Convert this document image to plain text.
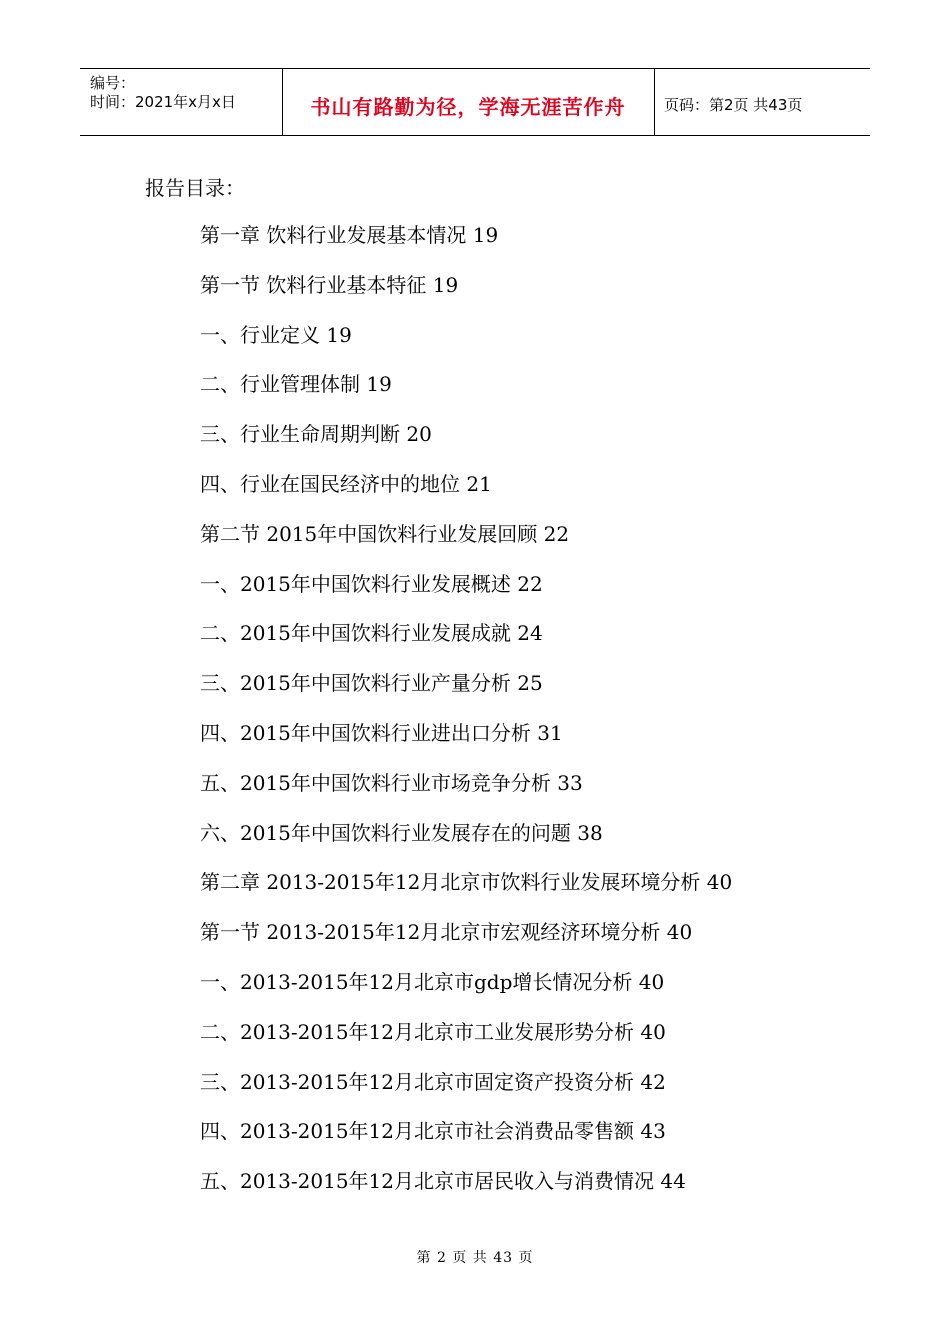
编号：
时间：2021年x月x日	书山有路勤为径，学海无涯苦作舟	页码：第2页 共43页
报告目录：
第一章 饮料行业发展基本情况 19
第一节 饮料行业基本特征 19
一、行业定义 19
二、行业管理体制 19
三、行业生命周期判断 20
四、行业在国民经济中的地位 21
第二节 2015年中国饮料行业发展回顾 22
一、2015年中国饮料行业发展概述 22
二、2015年中国饮料行业发展成就 24
三、2015年中国饮料行业产量分析 25
四、2015年中国饮料行业进出口分析 31
五、2015年中国饮料行业市场竞争分析 33
六、2015年中国饮料行业发展存在的问题 38
第二章 2013-2015年12月北京市饮料行业发展环境分析 40
第一节 2013-2015年12月北京市宏观经济环境分析 40
一、2013-2015年12月北京市gdp增长情况分析 40
二、2013-2015年12月北京市工业发展形势分析 40
三、2013-2015年12月北京市固定资产投资分析 42
四、2013-2015年12月北京市社会消费品零售额 43
五、2013-2015年12月北京市居民收入与消费情况 44
第 2 页 共 43 页
